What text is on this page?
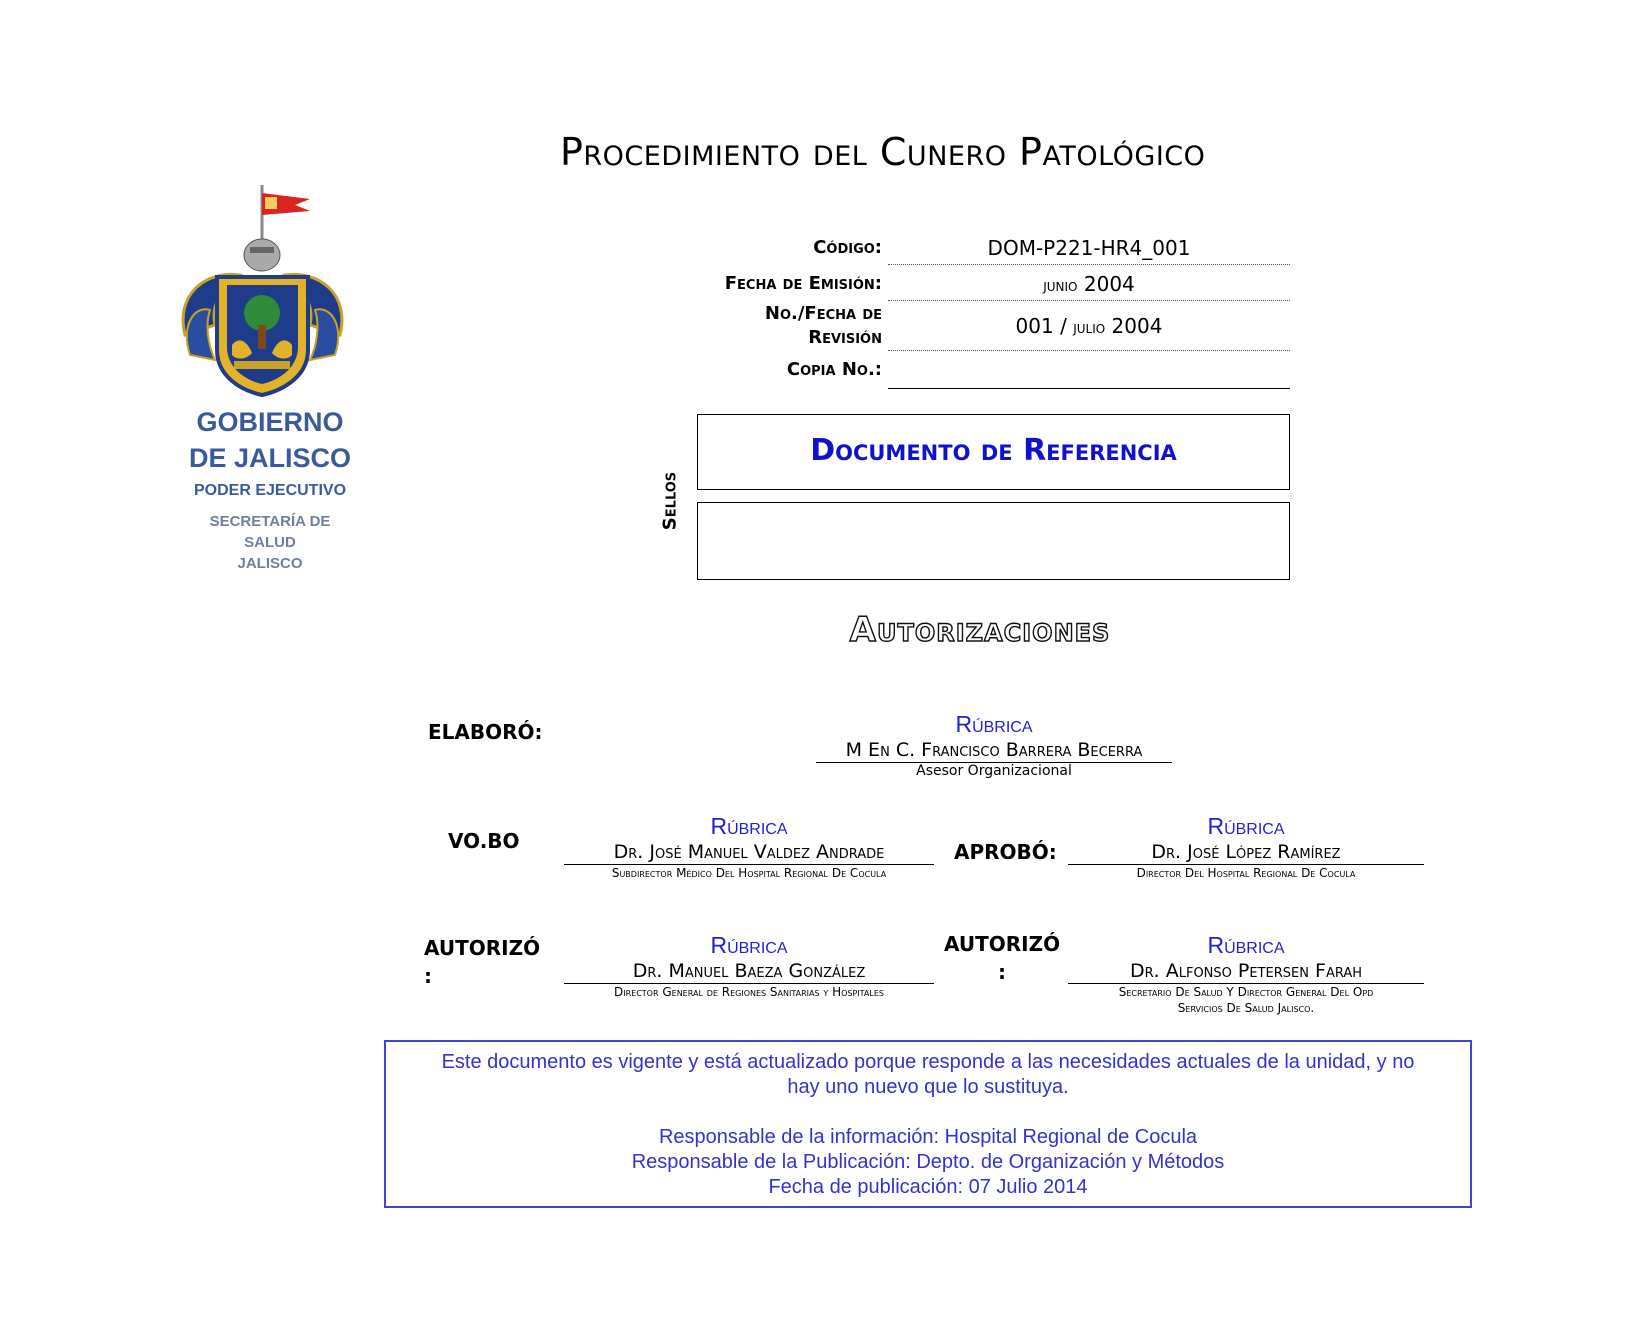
GOBIERNO
DE JALISCO
PODER EJECUTIVO
SECRETARÍA DE
SALUD
JALISCO
Procedimiento del Cunero Patológico
Código:	DOM-P221-HR4_001
Fecha de Emisión:	junio 2004
No./Fecha de
Revisión	001 / julio 2004
Copia No.:
Sellos
Documento de Referencia
Autorizaciones
ELABORÓ:	Rúbrica
M En C. Francisco Barrera Becerra
Asesor Organizacional
VO.BO
Rúbrica
Dr. José Manuel Valdez Andrade
Subdirector Médico Del Hospital Regional De Cocula
APROBÓ:
Rúbrica
Dr. José López Ramírez
Director Del Hospital Regional De Cocula
AUTORIZÓ
:
Rúbrica
Dr. Manuel Baeza González
Director General de Regiones Sanitarias y Hospitales
AUTORIZÓ
:
Rúbrica
Dr. Alfonso Petersen Farah
Secretario De Salud Y Director General Del Opd
Servicios De Salud Jalisco.

Este documento es vigente y está actualizado porque responde a las necesidades actuales de la unidad, y no

hay uno nuevo que lo sustituya.

Responsable de la información: Hospital Regional de Cocula

Responsable de la Publicación: Depto. de Organización y Métodos

Fecha de publicación: 07 Julio 2014
